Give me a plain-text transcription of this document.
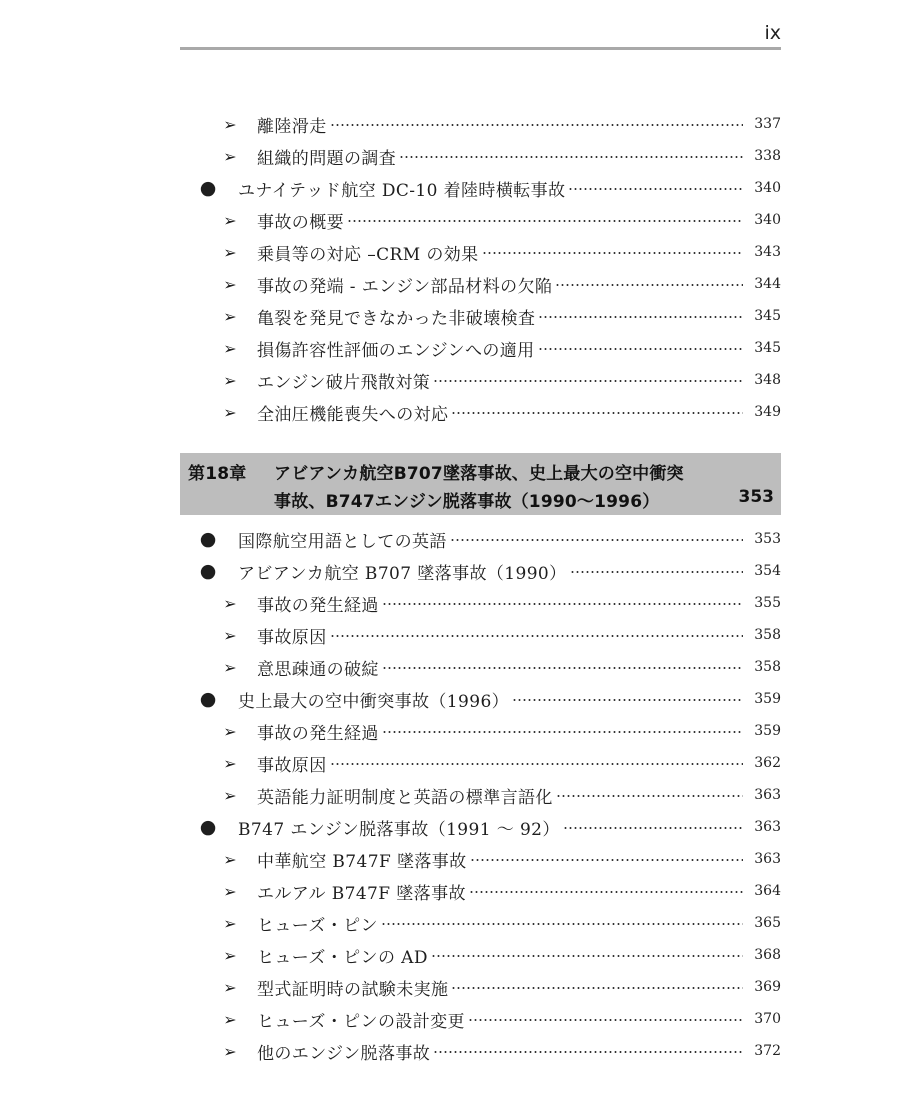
ix
➢	離陸滑走	337
➢	組織的問題の調査	338
● ユナイテッド航空 DC-10 着陸時横転事故	340
➢	事故の概要	340
➢	乗員等の対応 –CRM の効果	343
➢	事故の発端 - エンジン部品材料の欠陥	344
➢	亀裂を発見できなかった非破壊検査	345
➢	損傷許容性評価のエンジンへの適用	345
➢	エンジン破片飛散対策	348
➢	全油圧機能喪失への対応	349
第18章 アビアンカ航空B707墜落事故、史上最大の空中衝突
事故、B747エンジン脱落事故（1990～1996）	353
● 国際航空用語としての英語	353
● アビアンカ航空 B707 墜落事故（1990）	354
➢	事故の発生経過	355
➢	事故原因	358
➢	意思疎通の破綻	358
● 史上最大の空中衝突事故（1996）	359
➢	事故の発生経過	359
➢	事故原因	362
➢	英語能力証明制度と英語の標準言語化	363
● B747 エンジン脱落事故（1991 ～ 92）	363
➢	中華航空 B747F 墜落事故	363
➢	エルアル B747F 墜落事故	364
➢	ヒューズ・ピン	365
➢	ヒューズ・ピンの AD	368
➢	型式証明時の試験未実施	369
➢	ヒューズ・ピンの設計変更	370
➢	他のエンジン脱落事故	372
